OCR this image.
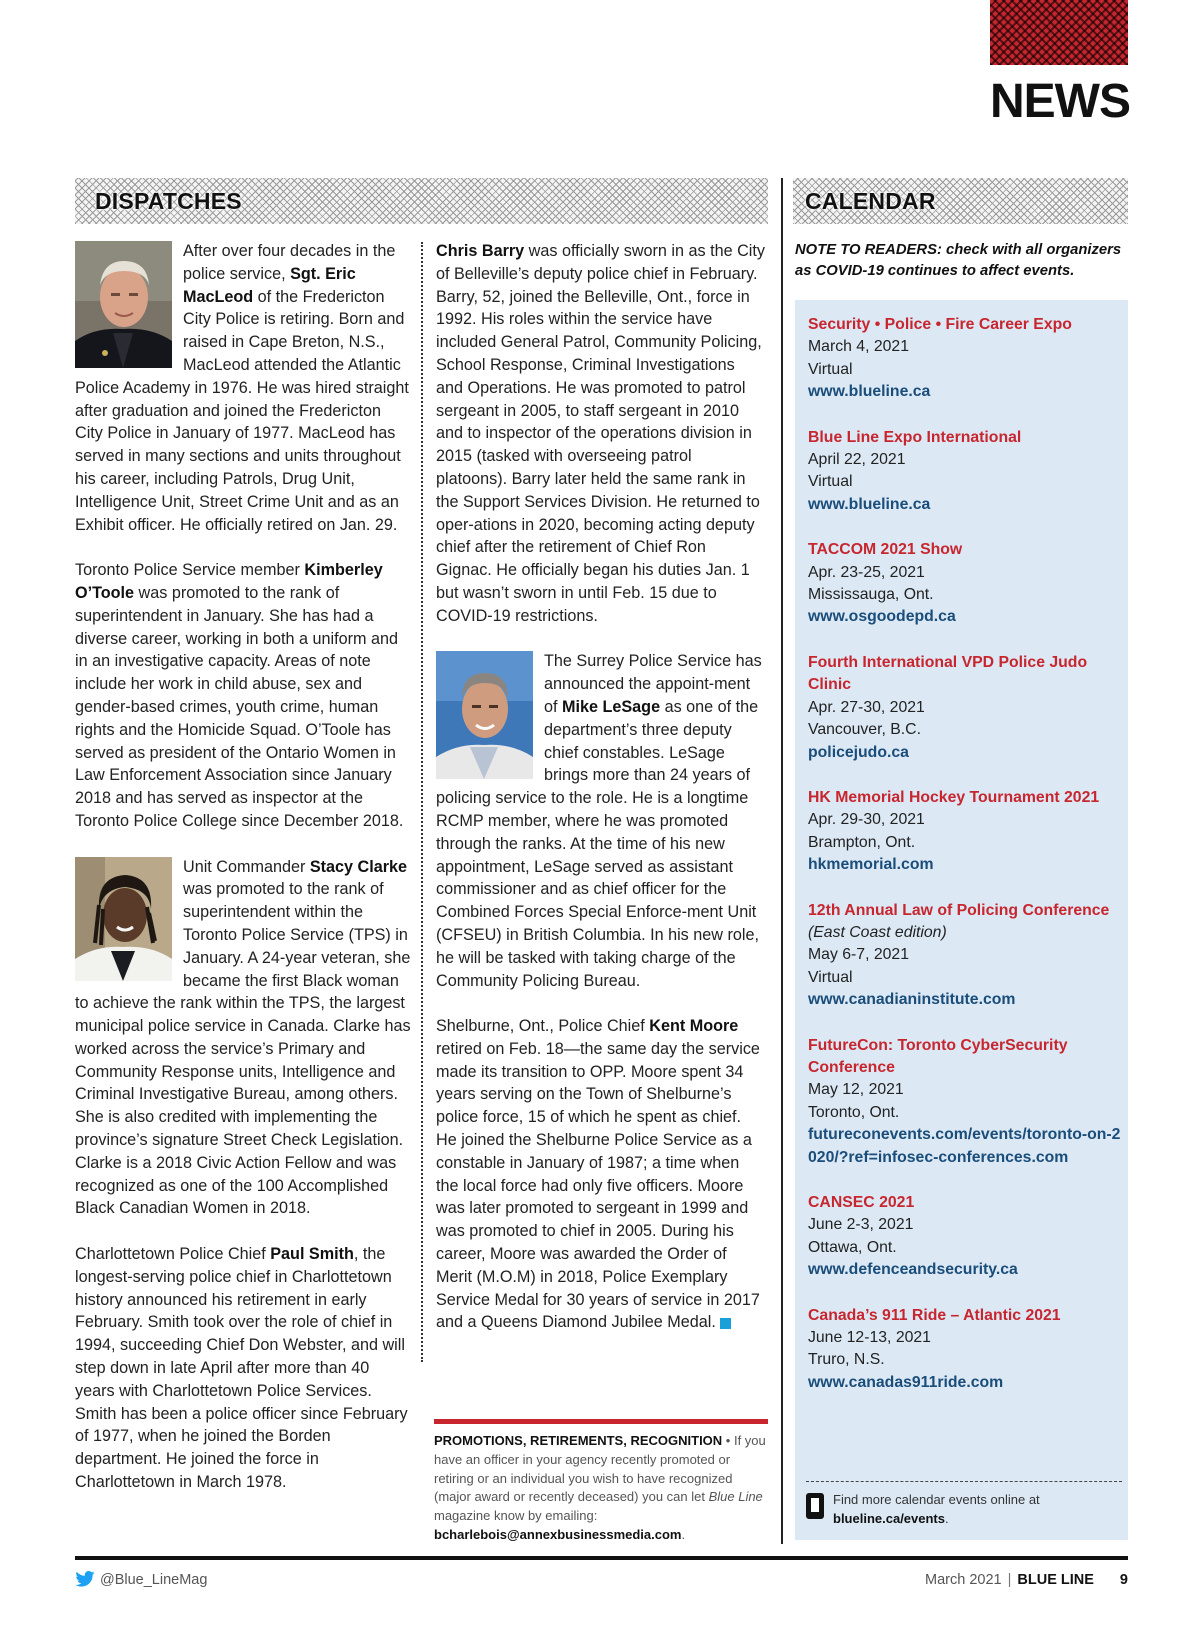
NEWS
DISPATCHES	CALENDAR

After over four decades in the police service, Sgt. Eric MacLeod of the Fredericton City Police is retiring. Born and raised in Cape Breton, N.S., MacLeod attended the Atlantic Police Academy in 1976. He was hired straight after graduation and joined the Fredericton City Police in January of 1977. MacLeod has served in many sections and units throughout his career, including Patrols, Drug Unit, Intelligence Unit, Street Crime Unit and as an Exhibit officer. He officially retired on Jan. 29.

Toronto Police Service member Kimberley O’Toole was promoted to the rank of superintendent in January. She has had a diverse career, working in both a uniform and in an investigative capacity. Areas of note include her work in child abuse, sex and gender-based crimes, youth crime, human rights and the Homicide Squad. O’Toole has served as president of the Ontario Women in Law Enforcement Association since January 2018 and has served as inspector at the Toronto Police College since December 2018.

Unit Commander Stacy Clarke was promoted to the rank of superintendent within the Toronto Police Service (TPS) in January. A 24-year veteran, she became the first Black woman to achieve the rank within the TPS, the largest municipal police service in Canada. Clarke has worked across the service’s Primary and Community Response units, Intelligence and Criminal Investigative Bureau, among others. She is also credited with implementing the province’s signature Street Check Legislation. Clarke is a 2018 Civic Action Fellow and was recognized as one of the 100 Accomplished Black Canadian Women in 2018.

Charlottetown Police Chief Paul Smith, the longest-serving police chief in Charlottetown history announced his retirement in early February. Smith took over the role of chief in 1994, succeeding Chief Don Webster, and will step down in late April after more than 40 years with Charlottetown Police Services. Smith has been a police officer since February of 1977, when he joined the Borden department. He joined the force in Charlottetown in March 1978.

Chris Barry was officially sworn in as the City of Belleville’s deputy police chief in February. Barry, 52, joined the Belleville, Ont., force in 1992. His roles within the service have included General Patrol, Community Policing, School Response, Criminal Investigations and Operations. He was promoted to patrol sergeant in 2005, to staff sergeant in 2010 and to inspector of the operations division in 2015 (tasked with overseeing patrol platoons). Barry later held the same rank in the Support Services Division. He returned to oper-ations in 2020, becoming acting deputy chief after the retirement of Chief Ron Gignac. He officially began his duties Jan. 1 but wasn’t sworn in until Feb. 15 due to COVID-19 restrictions.

The Surrey Police Service has announced the appoint-ment of Mike LeSage as one of the department’s three deputy chief constables. LeSage brings more than 24 years of policing service to the role. He is a longtime RCMP member, where he was promoted through the ranks. At the time of his new appointment, LeSage served as assistant commissioner and as chief officer for the Combined Forces Special Enforce-ment Unit (CFSEU) in British Columbia. In his new role, he will be tasked with taking charge of the Community Policing Bureau.

Shelburne, Ont., Police Chief Kent Moore retired on Feb. 18—the same day the service made its transition to OPP. Moore spent 34 years serving on the Town of Shelburne’s police force, 15 of which he spent as chief. He joined the Shelburne Police Service as a constable in January of 1987; a time when the local force had only five officers. Moore was later promoted to sergeant in 1999 and was promoted to chief in 2005. During his career, Moore was awarded the Order of Merit (M.O.M) in 2018, Police Exemplary Service Medal for 30 years of service in 2017 and a Queens Diamond Jubilee Medal.

PROMOTIONS, RETIREMENTS, RECOGNITION • If you have an officer in your agency recently promoted or retiring or an individual you wish to have recognized (major award or recently deceased) you can let Blue Line magazine know by emailing: bcharlebois@annexbusinessmedia.com.
NOTE TO READERS: check with all organizers as COVID-19 continues to affect events.
Security • Police • Fire Career Expo
March 4, 2021
Virtual
www.blueline.ca
Blue Line Expo International
April 22, 2021
Virtual
www.blueline.ca
TACCOM 2021 Show
Apr. 23-25, 2021
Mississauga, Ont.
www.osgoodepd.ca
Fourth International VPD Police Judo Clinic
Apr. 27-30, 2021
Vancouver, B.C.
policejudo.ca
HK Memorial Hockey Tournament 2021
Apr. 29-30, 2021
Brampton, Ont.
hkmemorial.com
12th Annual Law of Policing Conference
(East Coast edition)
May 6-7, 2021
Virtual
www.canadianinstitute.com
FutureCon: Toronto CyberSecurity Conference
May 12, 2021
Toronto, Ont.
futureconevents.com/events/toronto-on-2020/?ref=infosec-conferences.com
CANSEC 2021
June 2-3, 2021
Ottawa, Ont.
www.defenceandsecurity.ca
Canada’s 911 Ride – Atlantic 2021
June 12-13, 2021
Truro, N.S.
www.canadas911ride.com
Find more calendar events online at blueline.ca/events.
@Blue_LineMag	March 2021 | BLUE LINE 9
